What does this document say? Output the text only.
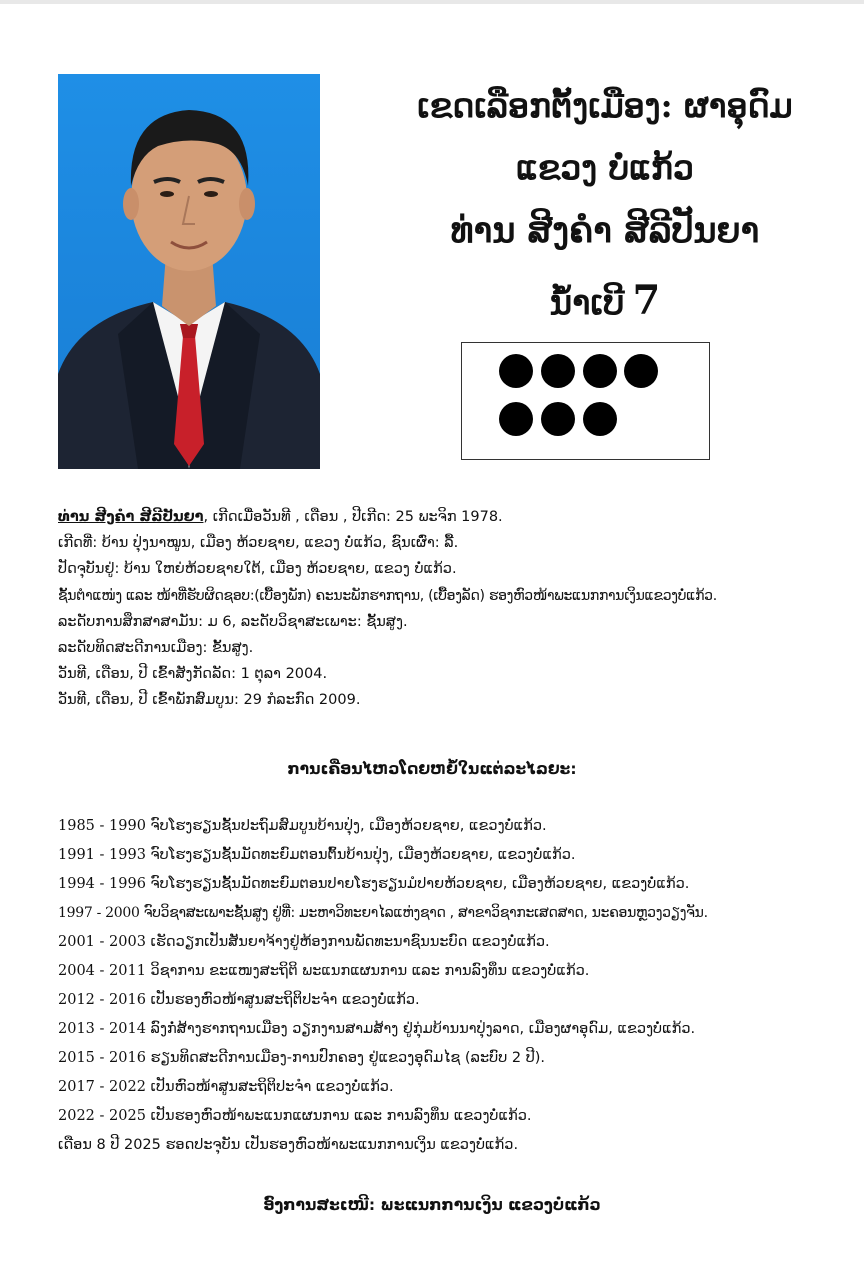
ເຂດເລືອກຕັ້ງເມືອງ: ຜາອຸດົມ
ແຂວງ ບໍ່ແກ້ວ
ທ່ານ ສີງຄຳ ສີລີປັນຍາ
ນໍ້າເບີ 7
ທ່ານ ສີງຄຳ ສີລີປັນຍາ, ເກີດເມື່ອວັນທີ , ເດືອນ , ປີເກີດ: 25 ພະຈິກ 1978.
ເກີດທີ່: ບ້ານ ປຸ່ງນາໝູນ, ເມືອງ ຫ້ວຍຊາຍ, ແຂວງ ບໍ່ແກ້ວ, ຊົນເຜົ່າ: ລື້.
ປັດຈຸບັນຢູ່: ບ້ານ ໃຫຍ່ຫ້ວຍຊາຍໃຕ້, ເມືອງ ຫ້ວຍຊາຍ, ແຂວງ ບໍ່ແກ້ວ.
ຊັ້ນຕຳແໜ່ງ ແລະ ໜ້າທີ່ຮັບຜິດຊອບ:(ເບື້ອງພັກ) ຄະນະພັກຮາກຖານ, (ເບື້ອງລັດ) ຮອງຫົວໜ້າພະແນກການເງິນແຂວງບໍ່ແກ້ວ.
ລະດັບການສຶກສາສາມັນ: ມ 6, ລະດັບວິຊາສະເພາະ: ຊັ້ນສູງ.
ລະດັບທິດສະດີການເມືອງ: ຂັ້ນສູງ.
ວັນທີ, ເດືອນ, ປີ ເຂົ້າສັງກັດລັດ: 1 ຕຸລາ 2004.
ວັນທີ, ເດືອນ, ປີ ເຂົ້າພັກສົມບູນ: 29 ກໍລະກົດ 2009.
ການເຄື່ອນໄຫວໂດຍຫຍໍ້ໃນແຕ່ລະໄລຍະ:
1985 - 1990 ຈົບໂຮງຮຽນຊັ້ນປະຖົມສົມບູນບ້ານປຸ່ງ, ເມືອງຫ້ວຍຊາຍ, ແຂວງບໍ່ແກ້ວ.
1991 - 1993 ຈົບໂຮງຮຽນຊັ້ນມັດທະຍົມຕອນຕົ້ນບ້ານປຸ່ງ, ເມືອງຫ້ວຍຊາຍ, ແຂວງບໍ່ແກ້ວ.
1994 - 1996 ຈົບໂຮງຮຽນຊັ້ນມັດທະຍົມຕອນປາຍໂຮງຮຽນມໍປາຍຫ້ວຍຊາຍ, ເມືອງຫ້ວຍຊາຍ, ແຂວງບໍ່ແກ້ວ.
1997 - 2000 ຈົບວິຊາສະເພາະຊັ້ນສູງ ຢູ່ທີ່: ມະຫາວິທະຍາໄລແຫ່ງຊາດ , ສາຂາວິຊາກະເສດສາດ, ນະຄອນຫຼວງວຽງຈັນ.
2001 - 2003 ເຮັດວຽກເປັນສັນຍາຈ້າງຢູ່ຫ້ອງການພັດທະນາຊົນນະບົດ ແຂວງບໍ່ແກ້ວ.
2004 - 2011 ວິຊາການ ຂະແໜງສະຖິຕິ ພະແນກແຜນການ ແລະ ການລົງທຶນ ແຂວງບໍ່ແກ້ວ.
2012 - 2016 ເປັນຮອງຫົວໜ້າສູນສະຖິຕິປະຈຳ ແຂວງບໍ່ແກ້ວ.
2013 - 2014 ລົງກໍ່ສ້າງຮາກຖານເມືອງ ວຽກງານສາມສ້າງ ຢູ່ກຸ່ມບ້ານນາປຸ່ງລາດ, ເມືອງຜາອຸດົມ, ແຂວງບໍ່ແກ້ວ.
2015 - 2016 ຮຽນທິດສະດີການເມືອງ-ການປົກຄອງ ຢູ່ແຂວງອຸດົມໄຊ (ລະບົບ 2 ປີ).
2017 - 2022 ເປັນຫົວໜ້າສູນສະຖິຕິປະຈຳ ແຂວງບໍ່ແກ້ວ.
2022 - 2025 ເປັນຮອງຫົວໜ້າພະແນກແຜນການ ແລະ ການລົງທຶນ ແຂວງບໍ່ແກ້ວ.
ເດືອນ 8 ປີ 2025 ຮອດປະຈຸບັນ ເປັນຮອງຫົວໜ້າພະແນກການເງິນ ແຂວງບໍ່ແກ້ວ.
ອົງການສະເໜີ: ພະແນກການເງິນ ແຂວງບໍ່ແກ້ວ
